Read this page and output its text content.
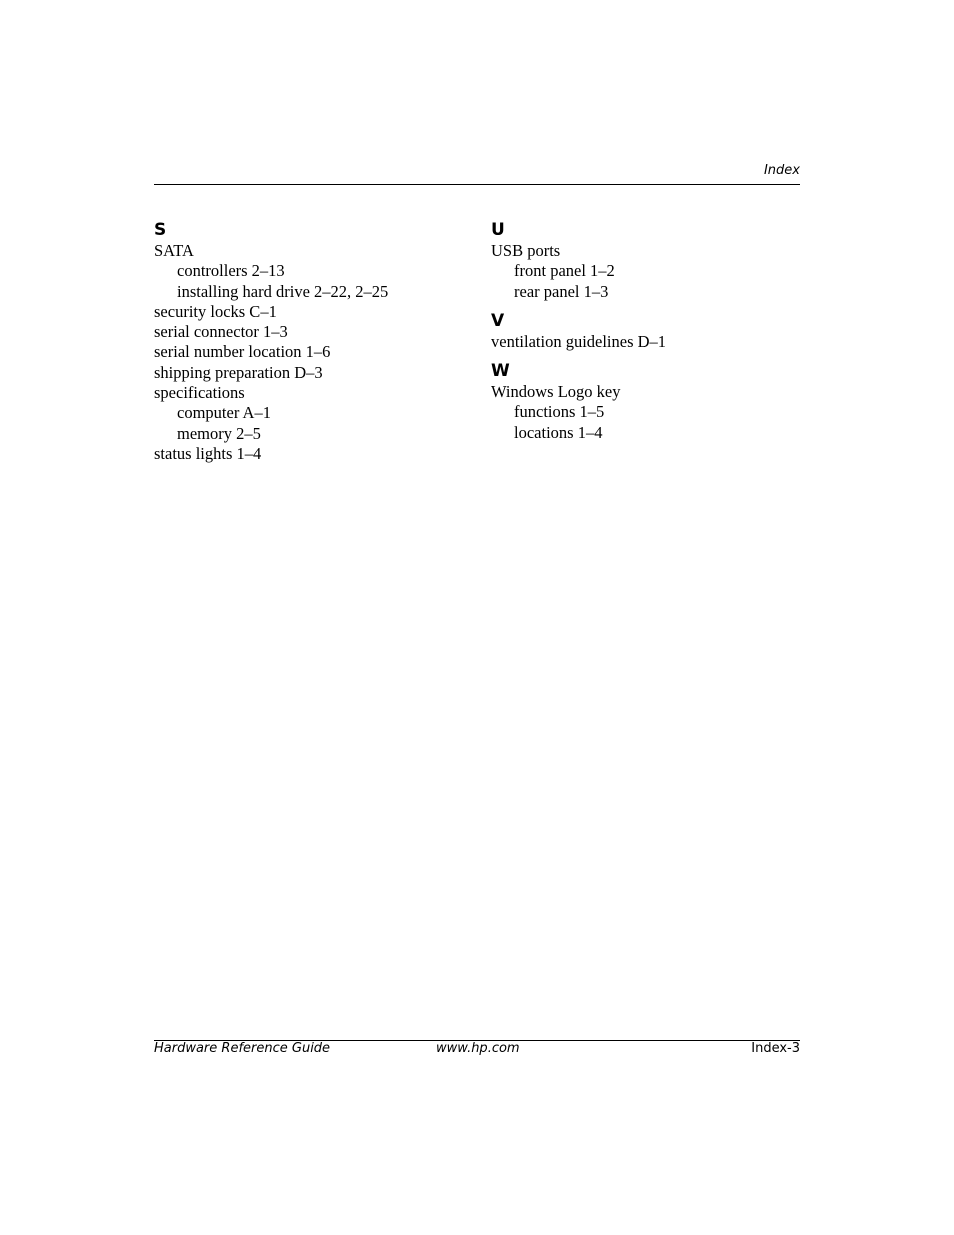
Index
S
SATA
controllers 2–13
installing hard drive 2–22, 2–25
security locks C–1
serial connector 1–3
serial number location 1–6
shipping preparation D–3
specifications
computer A–1
memory 2–5
status lights 1–4
U
USB ports
front panel 1–2
rear panel 1–3
V
ventilation guidelines D–1
W
Windows Logo key
functions 1–5
locations 1–4
Hardware Reference Guide	www.hp.com	Index-3
